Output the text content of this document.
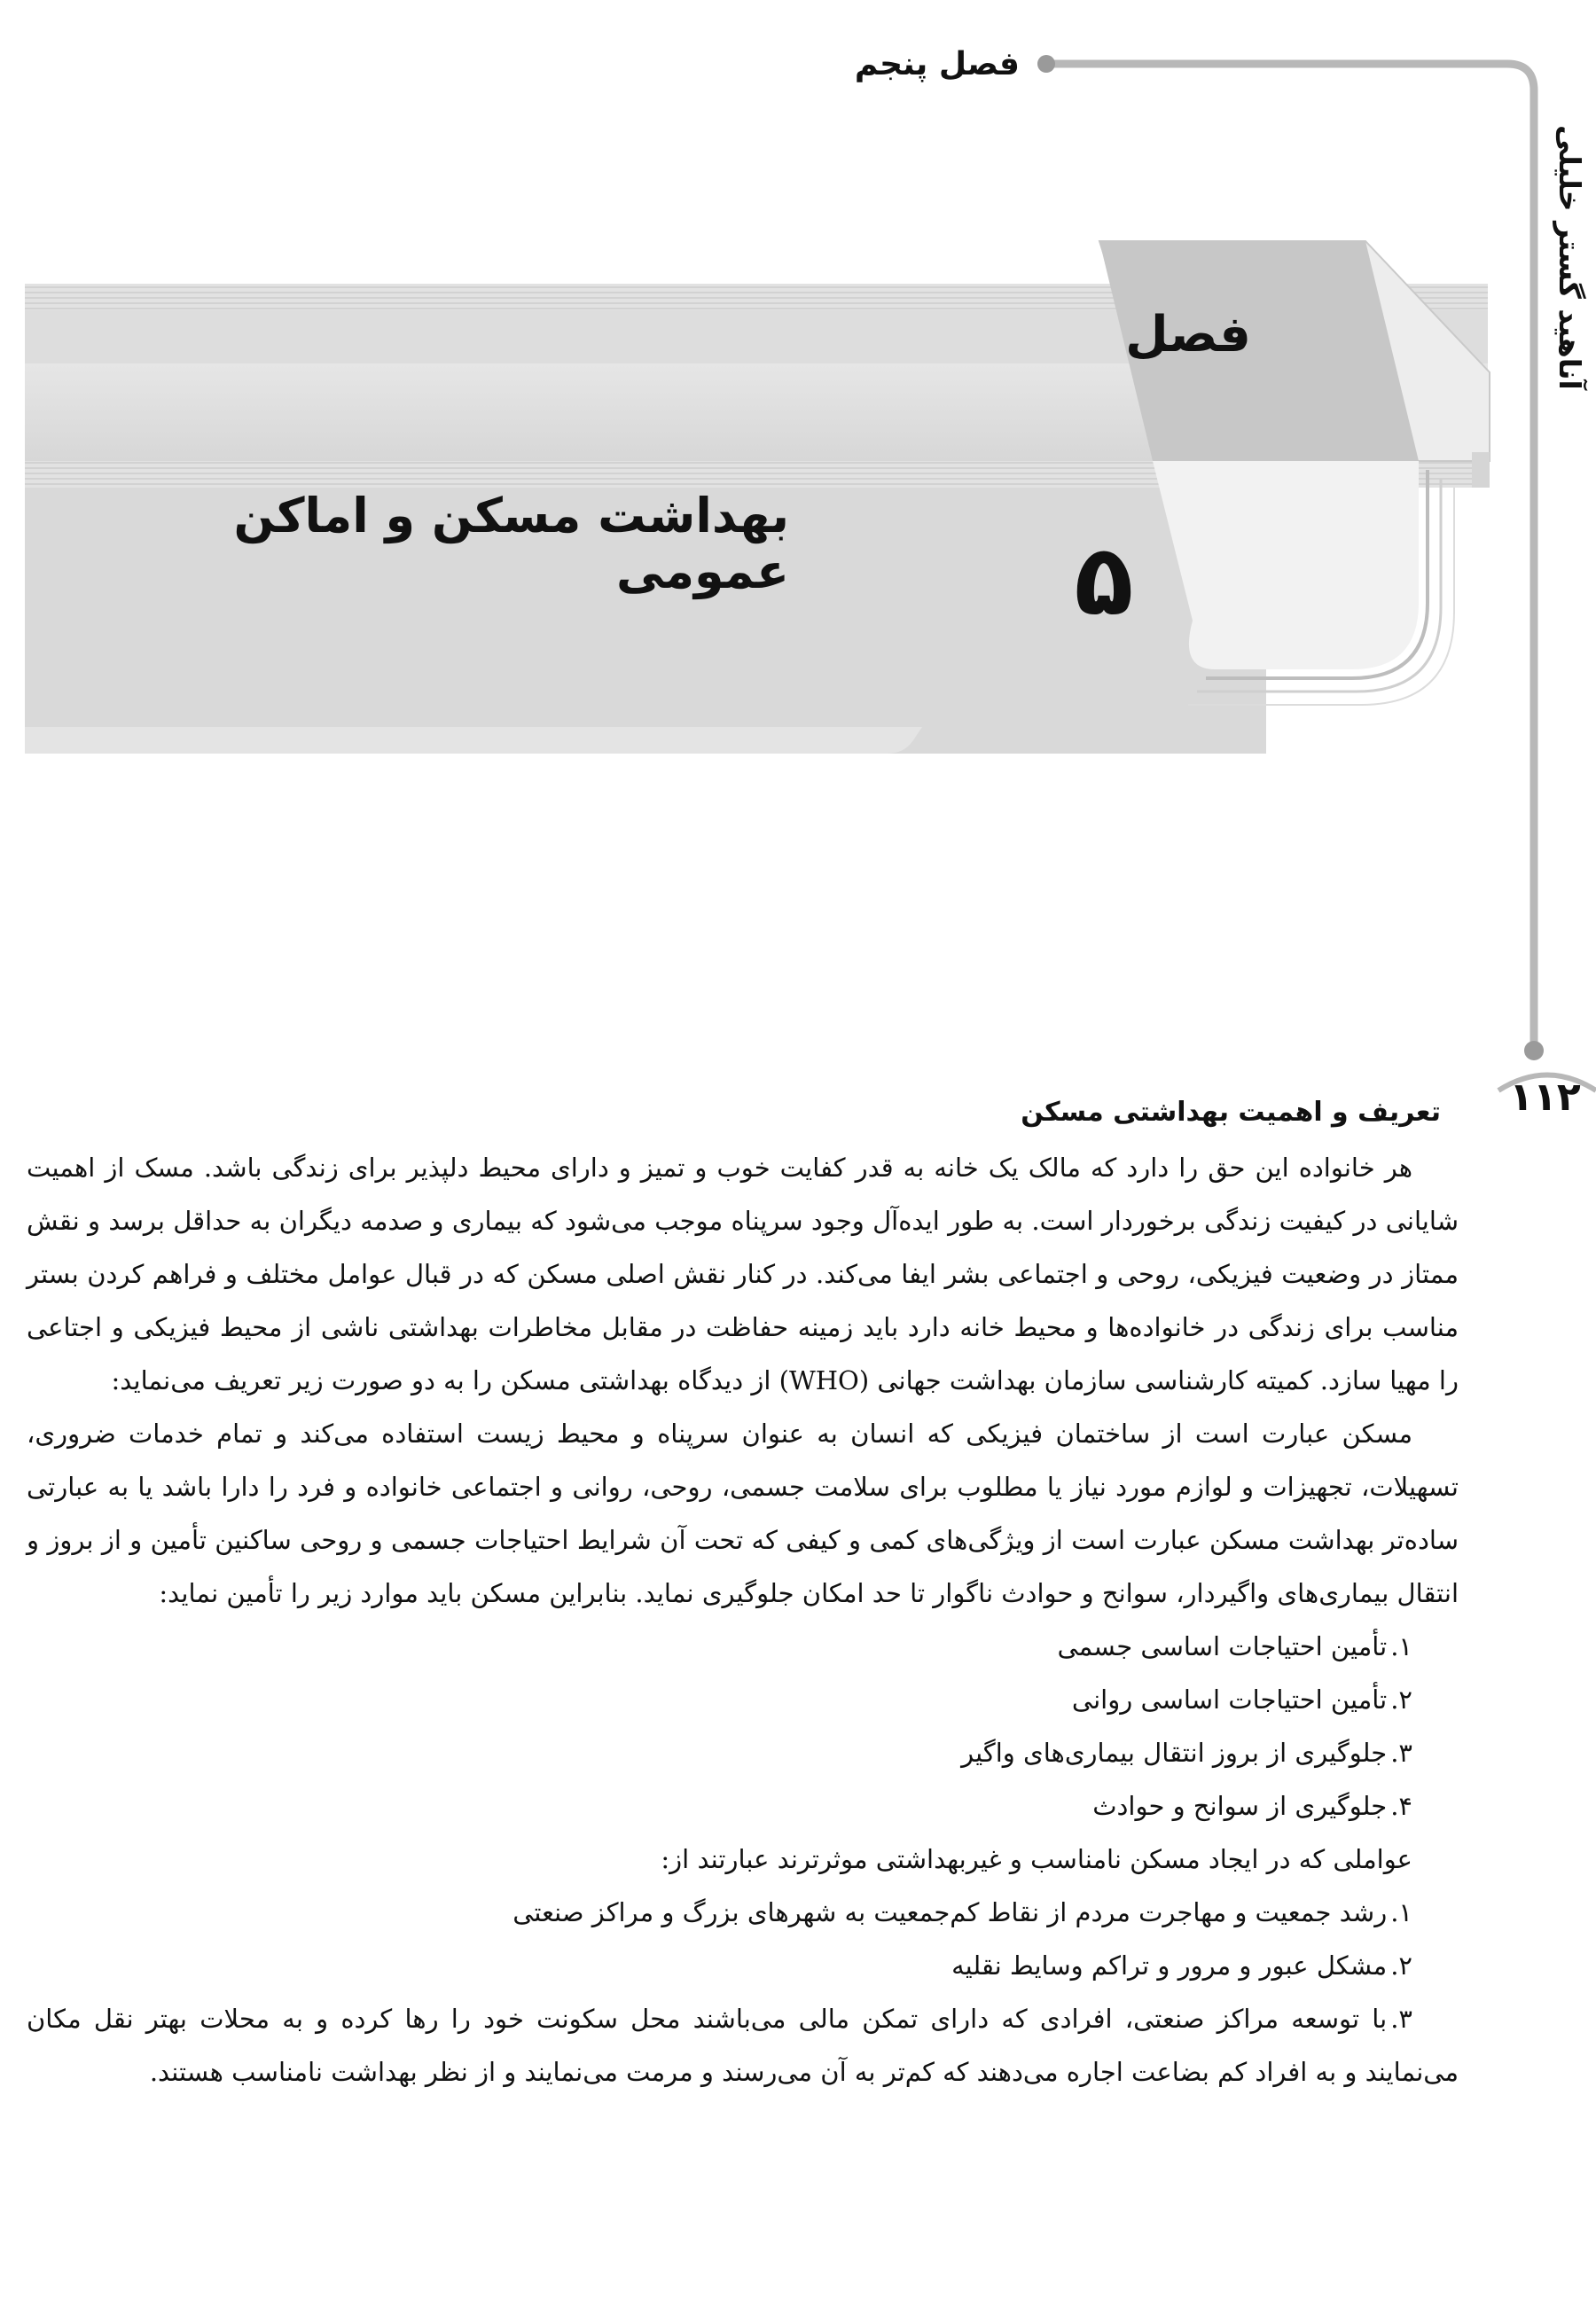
فصل پنجم
آناهید گستر خلیلی
۱۱۲
فصل
۵
بهداشت مسکن و اماکن عمومی
تعریف و اهمیت بهداشتی مسکن

هر خانواده این حق را دارد که مالک یک خانه به قدر کفایت خوب و تمیز و دارای محیط دلپذیر برای زندگی باشد. مسک از اهمیت شایانی در کیفیت زندگی برخوردار است. به طور ایده‌آل وجود سرپناه موجب می‌شود که بیماری و صدمه دیگران به حداقل برسد و نقش ممتاز در وضعیت فیزیکی، روحی و اجتماعی بشر ایفا می‌کند. در کنار نقش اصلی مسکن که در قبال عوامل مختلف و فراهم کردن بستر مناسب برای زندگی در خانواده‌ها و محیط خانه دارد باید زمینه حفاظت در مقابل مخاطرات بهداشتی ناشی از محیط فیزیکی و اجتاعی را مهیا سازد. کمیته کارشناسی سازمان بهداشت جهانی (WHO) از دیدگاه بهداشتی مسکن را به دو صورت زیر تعریف می‌نماید:

مسکن عبارت است از ساختمان فیزیکی که انسان به عنوان سرپناه و محیط زیست استفاده می‌کند و تمام خدمات ضروری، تسهیلات، تجهیزات و لوازم مورد نیاز یا مطلوب برای سلامت جسمی، روحی، روانی و اجتماعی خانواده و فرد را دارا باشد یا به عبارتی ساده‌تر بهداشت مسکن عبارت است از ویژگی‌های کمی و کیفی که تحت آن شرایط احتیاجات جسمی و روحی ساکنین تأمین و از بروز و انتقال بیماری‌های واگیردار، سوانح و حوادث ناگوار تا حد امکان جلوگیری نماید. بنابراین مسکن باید موارد زیر را تأمین نماید:

۱.تأمین احتیاجات اساسی جسمی
۲.تأمین احتیاجات اساسی روانی
۳.جلوگیری از بروز انتقال بیماری‌های واگیر
۴.جلوگیری از سوانح و حوادث
عواملی که در ایجاد مسکن نامناسب و غیربهداشتی موثرترند عبارتند از:
۱.رشد جمعیت و مهاجرت مردم از نقاط کم‌جمعیت به شهرهای بزرگ و مراکز صنعتی
۲.مشکل عبور و مرور و تراکم وسایط نقلیه
۳.با توسعه مراکز صنعتی، افرادی که دارای تمکن مالی می‌باشند محل سکونت خود را رها کرده و به محلات بهتر نقل مکان می‌نمایند و به افراد کم بضاعت اجاره می‌دهند که کم‌تر به آن می‌رسند و مرمت می‌نمایند و از نظر بهداشت نامناسب هستند.
